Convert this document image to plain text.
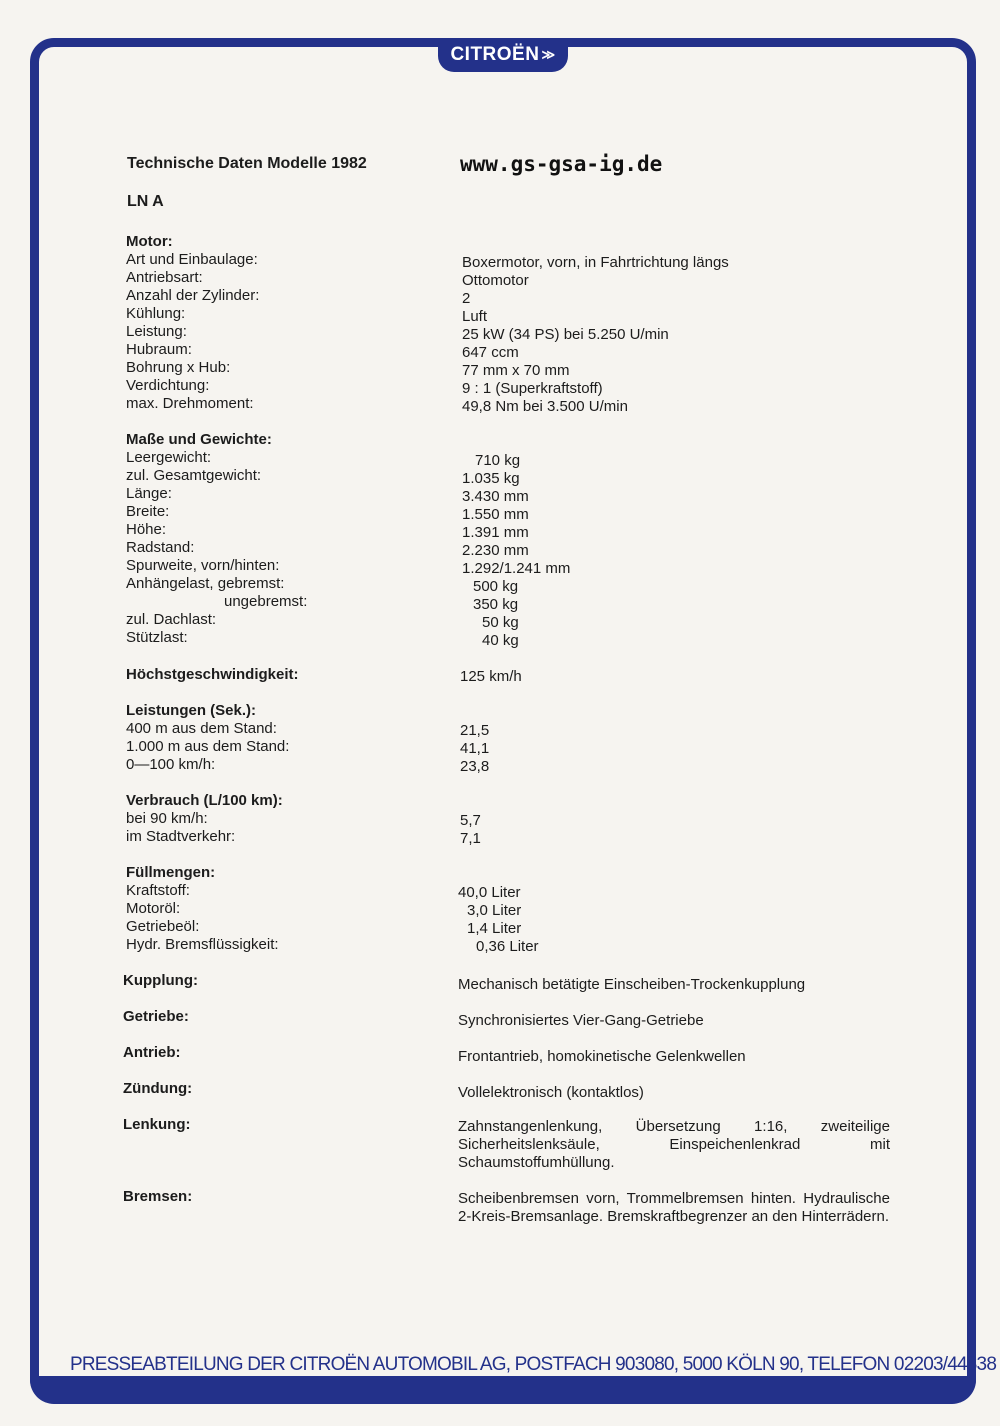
CITROËN ≫
Technische Daten Modelle 1982	www.gs-gsa-ig.de
LN A
Motor:
Art und Einbaulage:	Boxermotor, vorn, in Fahrtrichtung längs
Antriebsart:	Ottomotor
Anzahl der Zylinder:	2
Kühlung:	Luft
Leistung:	25 kW (34 PS) bei 5.250 U/min
Hubraum:	647 ccm
Bohrung x Hub:	77 mm x 70 mm
Verdichtung:	9 : 1 (Superkraftstoff)
max. Drehmoment:	49,8 Nm bei 3.500 U/min
Maße und Gewichte:
Leergewicht:	710 kg
zul. Gesamtgewicht:	1.035 kg
Länge:	3.430 mm
Breite:	1.550 mm
Höhe:	1.391 mm
Radstand:	2.230 mm
Spurweite, vorn/hinten:	1.292/1.241 mm
Anhängelast, gebremst:	500 kg
ungebremst:	350 kg
zul. Dachlast:	50 kg
Stützlast:	40 kg
Höchstgeschwindigkeit:	125 km/h
Leistungen (Sek.):
400 m aus dem Stand:	21,5
1.000 m aus dem Stand:	41,1
0—100 km/h:	23,8
Verbrauch (L/100 km):
bei 90 km/h:	5,7
im Stadtverkehr:	7,1
Füllmengen:
Kraftstoff:	40,0 Liter
Motoröl:	3,0 Liter
Getriebeöl:	1,4 Liter
Hydr. Bremsflüssigkeit:	0,36 Liter
Kupplung:	Mechanisch betätigte Einscheiben-Trockenkupplung
Getriebe:	Synchronisiertes Vier-Gang-Getriebe
Antrieb:	Frontantrieb, homokinetische Gelenkwellen
Zündung:	Vollelektronisch (kontaktlos)
Lenkung:	Zahnstangenlenkung, Übersetzung 1:16, zweiteilige Sicherheitslenksäule, Einspeichenlenkrad mit Schaumstoffumhüllung.
Bremsen:	Scheibenbremsen vorn, Trommelbremsen hinten. Hydraulische 2-Kreis-Bremsanlage. Bremskraftbegrenzer an den Hinterrädern.
PRESSEABTEILUNG DER CITROËN AUTOMOBIL AG, POSTFACH 903080, 5000 KÖLN 90, TELEFON 02203/44338
